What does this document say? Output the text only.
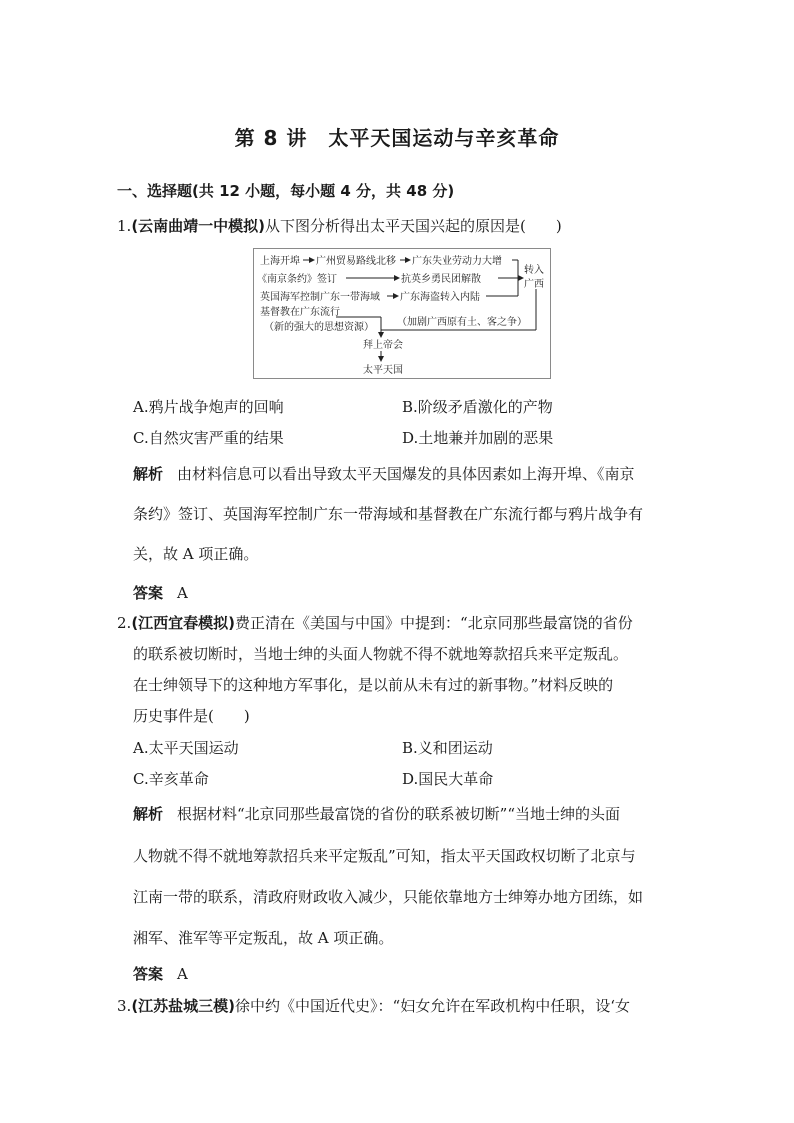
第 8 讲　太平天国运动与辛亥革命
一、选择题(共 12 小题，每小题 4 分，共 48 分)
1.(云南曲靖一中模拟)从下图分析得出太平天国兴起的原因是(　　)
上海开埠 广州贸易路线北移 广东失业劳动力大增
《南京条约》签订	抗英乡勇民团解散
英国海军控制广东一带海域 广东海盗转入内陆
转入
广西
基督教在广东流行
（新的强大的思想资源） （加剧广西原有土、客之争）
拜上帝会
太平天国
A.鸦片战争炮声的回响	B.阶级矛盾激化的产物
C.自然灾害严重的结果	D.土地兼并加剧的恶果
解析 由材料信息可以看出导致太平天国爆发的具体因素如上海开埠、《南京
条约》签订、英国海军控制广东一带海域和基督教在广东流行都与鸦片战争有
关，故 A 项正确。
答案 A
2.(江西宜春模拟)费正清在《美国与中国》中提到：“北京同那些最富饶的省份
的联系被切断时，当地士绅的头面人物就不得不就地筹款招兵来平定叛乱。
在士绅领导下的这种地方军事化，是以前从未有过的新事物。”材料反映的
历史事件是(　　)
A.太平天国运动	B.义和团运动
C.辛亥革命	D.国民大革命
解析 根据材料“北京同那些最富饶的省份的联系被切断”“当地士绅的头面
人物就不得不就地筹款招兵来平定叛乱”可知，指太平天国政权切断了北京与
江南一带的联系，清政府财政收入减少，只能依靠地方士绅筹办地方团练，如
湘军、淮军等平定叛乱，故 A 项正确。
答案 A
3.(江苏盐城三模)徐中约《中国近代史》：“妇女允许在军政机构中任职，设‘女
